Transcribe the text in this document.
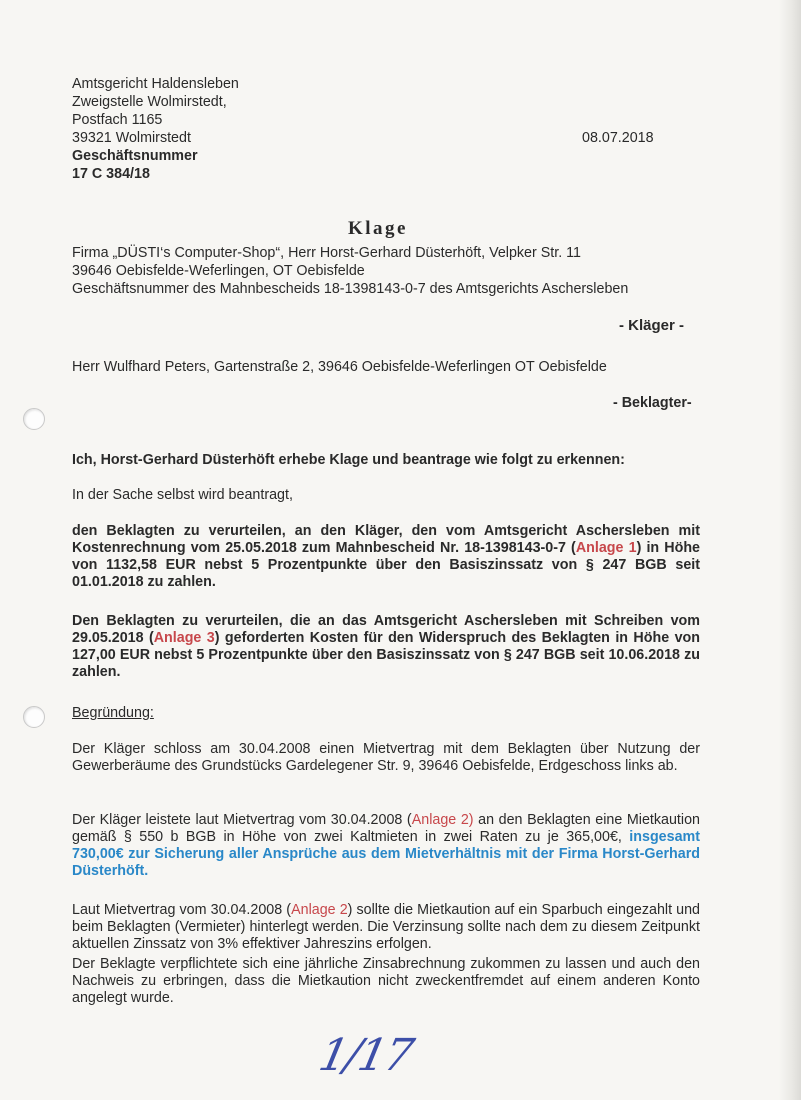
Amtsgericht Haldensleben
Zweigstelle Wolmirstedt,
Postfach 1165
39321 Wolmirstedt	08.07.2018
Geschäftsnummer
17 C 384/18
Klage
Firma „DÜSTI‘s Computer-Shop“, Herr Horst-Gerhard Düsterhöft, Velpker Str. 11
39646 Oebisfelde-Weferlingen, OT Oebisfelde
Geschäftsnummer des Mahnbescheids 18-1398143-0-7 des Amtsgerichts Aschersleben
- Kläger -
Herr Wulfhard Peters, Gartenstraße 2, 39646 Oebisfelde-Weferlingen OT Oebisfelde
- Beklagter-
Ich, Horst-Gerhard Düsterhöft erhebe Klage und beantrage wie folgt zu erkennen:
In der Sache selbst wird beantragt,
den Beklagten zu verurteilen, an den Kläger, den vom Amtsgericht Aschersleben mit Kostenrechnung vom 25.05.2018 zum Mahnbescheid Nr. 18-1398143-0-7 (Anlage 1) in Höhe von 1132,58 EUR nebst 5 Prozentpunkte über den Basiszinssatz von § 247 BGB seit 01.01.2018 zu zahlen.
Den Beklagten zu verurteilen, die an das Amtsgericht Aschersleben mit Schreiben vom 29.05.2018 (Anlage 3) geforderten Kosten für den Widerspruch des Beklagten in Höhe von 127,00 EUR nebst 5 Prozentpunkte über den Basiszinssatz von § 247 BGB seit 10.06.2018 zu zahlen.
Begründung:
Der Kläger schloss am 30.04.2008 einen Mietvertrag mit dem Beklagten über Nutzung der Gewerberäume des Grundstücks Gardelegener Str. 9, 39646 Oebisfelde, Erdgeschoss links ab.
Der Kläger leistete laut Mietvertrag vom 30.04.2008 (Anlage 2) an den Beklagten eine Mietkaution gemäß § 550 b BGB in Höhe von zwei Kaltmieten in zwei Raten zu je 365,00€, insgesamt 730,00€ zur Sicherung aller Ansprüche aus dem Mietverhältnis mit der Firma Horst-Gerhard Düsterhöft.
Laut Mietvertrag vom 30.04.2008 (Anlage 2) sollte die Mietkaution auf ein Sparbuch eingezahlt und beim Beklagten (Vermieter) hinterlegt werden. Die Verzinsung sollte nach dem zu diesem Zeitpunkt aktuellen Zinssatz von 3% effektiver Jahreszins erfolgen.
Der Beklagte verpflichtete sich eine jährliche Zinsabrechnung zukommen zu lassen und auch den Nachweis zu erbringen, dass die Mietkaution nicht zweckentfremdet auf einem anderen Konto angelegt wurde.
1/17
